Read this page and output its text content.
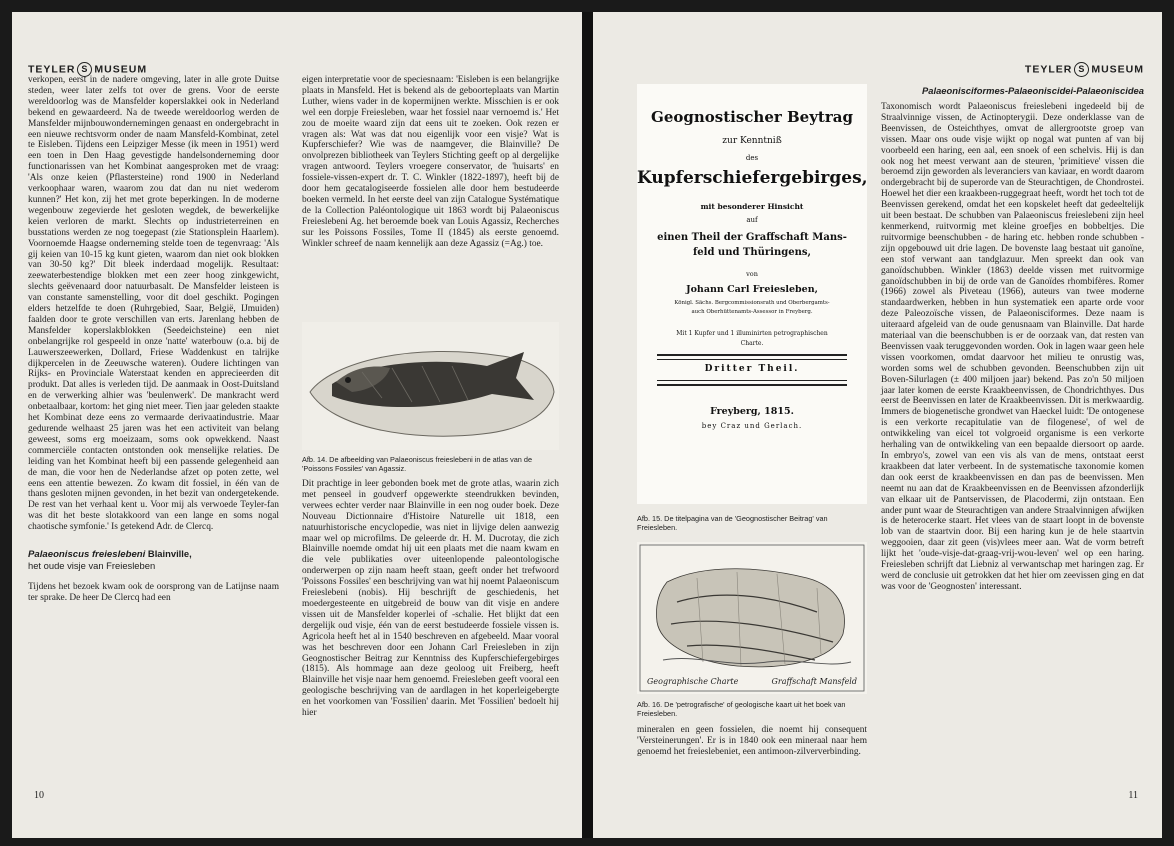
TEYLER S MUSEUM

verkopen, eerst in de nadere omgeving, later in alle grote Duitse steden, weer later zelfs tot over de grens. Voor de eerste wereldoorlog was de Mansfelder koperslakkei ook in Nederland bekend en gewaardeerd. Na de tweede wereldoorlog werden de Mansfelder mijnbouwondernemingen genaast en ondergebracht in een nieuwe rechtsvorm onder de naam Mansfeld-Kombinat, zetel te Eisleben. Tijdens een Leipziger Messe (ik meen in 1951) werd een toen in Den Haag gevestigde handelsonderneming door functionarissen van het Kombinat aangesproken met de vraag: 'Als onze keien (Pflastersteine) rond 1900 in Nederland verkoophaar waren, waarom zou dat dan nu niet wederom kunnen?' Het kon, zij het met grote beperkingen. In de moderne wegenbouw zegevierde het gesloten wegdek, de bewerkelijke keien verloren de markt. Slechts op industrieterreinen en busstations werden ze nog toegepast (zie Stationsplein Haarlem). Voornoemde Haagse onderneming stelde toen de tegenvraag: 'Als gij keien van 10-15 kg kunt gieten, waarom dan niet ook blokken van 30-50 kg?' Dit bleek inderdaad mogelijk. Resultaat: zeewaterbestendige blokken met een zeer hoog zinkgewicht, slechts geëvenaard door natuurbasalt. De Mansfelder leisteen is van constante samenstelling, voor dit doel geschikt. Pogingen elders hetzelfde te doen (Ruhrgebied, Saar, België, IJmuiden) faalden door te grote verschillen van erts. Jarenlang hebben de Mansfelder koperslakblokken (Seedeichsteine) een niet onbelangrijke rol gespeeld in onze 'natte' waterbouw (o.a. bij de Lauwerszeewerken, Dollard, Friese Waddenkust en talrijke dijkpercelen in de Zeeuwsche wateren). Oudere lichtingen van Rijks- en Provinciale Waterstaat kenden en apprecieerden dit produkt. Dat alles is verleden tijd. De aanmaak in Oost-Duitsland en de verwerking alhier was 'beulenwerk'. De mankracht werd onbetaalbaar, kortom: het ging niet meer. Tien jaar geleden staakte het Kombinat deze eens zo vermaarde derivaatindustrie. Maar gedurende welhaast 25 jaren was het een activiteit van belang geweest, soms erg moeizaam, soms ook opwekkend. Naast commerciële contacten ontstonden ook menselijke relaties. De leiding van het Kombinat heeft bij een passende gelegenheid aan de man, die voor hen de Nederlandse afzet op poten zette, wel eens een attentie bewezen. Zo kwam dit fossiel, in één van de thans gesloten mijnen gevonden, in het bezit van ondergetekende. De rest van het verhaal kent u. Voor mij als verwoede Teyler-fan was dit het beste slotakkoord van een lange en soms nogal chaotische symfonie.' Is getekend Adr. de Clercq.

Palaeoniscus freieslebeni Blainville,

het oude visje van Freiesleben

Tijdens het bezoek kwam ook de oorsprong van de Latijnse naam ter sprake. De heer De Clercq had een

eigen interpretatie voor de speciesnaam: 'Eisleben is een belangrijke plaats in Mansfeld. Het is bekend als de geboorteplaats van Martin Luther, wiens vader in de kopermijnen werkte. Misschien is er ook wel een dorpje Freiesleben, waar het fossiel naar vernoemd is.' Het zou de moeite waard zijn dat eens uit te zoeken. Ook rezen er vragen als: Wat was dat nou eigenlijk voor een visje? Wat is Kupferschiefer? Wie was de naamgever, die Blainville? De onvolprezen bibliotheek van Teylers Stichting geeft op al dergelijke vragen antwoord. Teylers vroegere conservator, de 'huisarts' en fossiele-vissen-expert dr. T. C. Winkler (1822-1897), heeft bij de door hem gecatalogiseerde fossielen alle door hem bestudeerde boeken vermeld. In het eerste deel van zijn Catalogue Systématique de la Collection Paléontologique uit 1863 wordt bij Palaeoniscus Freieslebeni Ag. het beroemde boek van Louis Agassiz, Recherches sur les Poissons Fossiles, Tome II (1845) als eerste genoemd. Winkler schreef de naam kennelijk aan deze Agassiz (=Ag.) toe.

Afb. 14. De afbeelding van Palaeoniscus freieslebeni in de atlas van de 'Poissons Fossiles' van Agassiz.

Dit prachtige in leer gebonden boek met de grote atlas, waarin zich met penseel in goudverf opgewerkte steendrukken bevinden, verwees echter verder naar Blainville in een nog ouder boek. Deze Nouveau Dictionnaire d'Histoire Naturelle uit 1818, een natuurhistorische encyclopedie, was niet in lijvige delen aanwezig maar wel op microfilms. De geleerde dr. H. M. Ducrotay, die zich Blainville noemde omdat hij uit een plaats met die naam kwam en die vele publikaties over uiteenlopende paleontologische onderwerpen op zijn naam heeft staan, geeft onder het trefwoord 'Poissons Fossiles' een beschrijving van wat hij noemt Palaeoniscum Freieslebeni (nobis). Hij beschrijft de geschiedenis, het moedergesteente en uitgebreid de bouw van dit visje en andere vissen uit de Mansfelder koperlei of -schalie. Het blijkt dat een dergelijk oud visje, één van de eerst bestudeerde fossiele vissen is. Agricola heeft het al in 1540 beschreven en afgebeeld. Maar vooral was het beschreven door een Johann Carl Freiesleben in zijn Geognostischer Beitrag zur Kenntniss des Kupferschiefergebirges (1815). Als hommage aan deze geoloog uit Freiberg, heeft Blainville het visje naar hem genoemd. Freiesleben geeft vooral een geologische beschrijving van de aardlagen in het koperleigebergte en het voorkomen van 'Fossilien' daarin. Met 'Fossilien' bedoelt hij hier

10
TEYLER S MUSEUM
Geognostischer Beytrag
zur Kenntniß
des
Kupferschiefergebirges,
mit besonderer Hinsicht
auf
einen Theil der Graffschaft Mans-
feld und Thüringens,
von
Johann Carl Freiesleben,
Königl. Sächs. Bergcommissionsrath und Oberbergamts-
auch Oberhüttenamts-Assessor in Freyberg.
Mit 1 Kupfer und 1 illuminirten petrographischen
Charte.
Dritter Theil.
Freyberg, 1815.
bey Craz und Gerlach.
Afb. 15. De titelpagina van de 'Geognostischer Beitrag' van Freiesleben.
Geographische Charte	Graffschaft Mansfeld
Afb. 16. De 'petrografische' of geologische kaart uit het boek van Freiesleben.

mineralen en geen fossielen, die noemt hij consequent 'Versteinerungen'. Er is in 1840 ook een mineraal naar hem genoemd het freieslebeniet, een antimoon-zilververbinding.

Palaeonisciformes-Palaeoniscidei-Palaeoniscidea

Taxonomisch wordt Palaeoniscus freieslebeni ingedeeld bij de Straalvinnige vissen, de Actinopterygii. Deze onderklasse van de Beenvissen, de Osteichthyes, omvat de allergrootste groep van vissen. Maar ons oude visje wijkt op nogal wat punten af van bij voorbeeld een haring, een aal, een snoek of een schelvis. Hij is dan ook nog het meest verwant aan de steuren, 'primitieve' vissen die beroemd zijn geworden als leveranciers van kaviaar, en wordt daarom ondergebracht bij de superorde van de Steurachtigen, de Chondrostei. Hoewel het dier een kraakbeen-ruggegraat heeft, wordt het toch tot de Beenvissen gerekend, omdat het een kopskelet heeft dat gedeeltelijk uit been bestaat. De schubben van Palaeoniscus freieslebeni zijn heel kenmerkend, ruitvormig met kleine groefjes en bobbeltjes. Die ruitvormige beenschubben - de haring etc. hebben ronde schubben - zijn opgebouwd uit drie lagen. De bovenste laag bestaat uit ganoïne, een stof verwant aan tandglazuur. Men spreekt dan ook van ganoïdschubben. Winkler (1863) deelde vissen met ruitvormige ganoïdschubben in bij de orde van de Ganoïdes rhombifères. Romer (1966) zowel als Piveteau (1966), auteurs van twee moderne standaardwerken, hebben in hun systematiek een aparte orde voor deze Paleozoïsche vissen, de Palaeonisciformes. Deze naam is uiteraard afgeleid van de oude genusnaam van Blainville. Dat harde materiaal van die beenschubben is er de oorzaak van, dat resten van Beenvissen vaak teruggevonden worden. Ook in lagen waar geen hele vissen voorkomen, omdat daarvoor het milieu te onrustig was, worden soms wel de schubben gevonden. Beenschubben zijn uit Boven-Silurlagen (± 400 miljoen jaar) bekend. Pas zo'n 50 miljoen jaar later komen de eerste Kraakbeenvissen, de Chondrichthyes. Dus eerst de Beenvissen en later de Kraakbeenvissen. Dit is merkwaardig. Immers de biogenetische grondwet van Haeckel luidt: 'De ontogenese is een verkorte recapitulatie van de filogenese', of wel de ontwikkeling van eicel tot volgroeid organisme is een verkorte herhaling van de ontwikkeling van een bepaalde diersoort op aarde. In embryo's, zowel van een vis als van de mens, ontstaat eerst kraakbeen dat later verbeent. In de systematische taxonomie komen dan ook eerst de kraakbeenvissen en dan pas de beenvissen. Men neemt nu aan dat de Kraakbeenvissen en de Beenvissen afzonderlijk van elkaar uit de Pantservissen, de Placodermi, zijn ontstaan. Een ander punt waar de Steurachtigen van andere Straalvinnigen afwijken is de heterocerke staart. Het vlees van de staart loopt in de bovenste lob van de staartvin door. Bij een haring kun je de hele staartvin weggooien, daar zit geen (vis)vlees meer aan. Wat de vorm betreft lijkt het 'oude-visje-dat-graag-vrij-wou-leven' wel op een haring. Freiesleben schrijft dat Liebniz al verwantschap met haringen zag. Er werd de conclusie uit getrokken dat het hier om zeevissen ging en dat was voor de 'Geognosten' interessant.

11
